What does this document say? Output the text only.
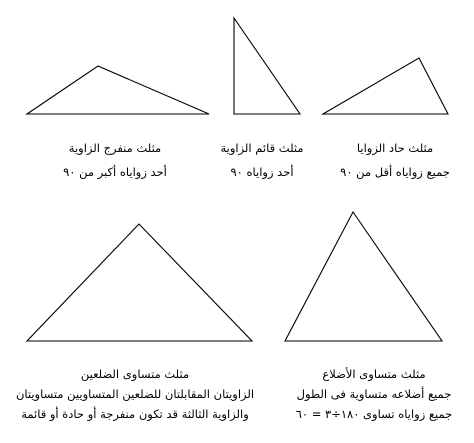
مثلث منفرج الزاوية
أحد زواياه أكبر من ٩٠
مثلث قائم الزاوية
أحد زواياه ٩٠
مثلث حاد الزوايا
جميع زواياه أقل من ٩٠
مثلث متساوى الضلعين
الزاويتان المقابلتان للضلعين المتساويين متساويتان
والزاوية الثالثة قد تكون منفرجة أو حادة أو قائمة
مثلث متساوى الأضلاع
جميع أضلاعه متساوية فى الطول
جميع زواياه تساوى ١٨٠÷٣ = ٦٠
